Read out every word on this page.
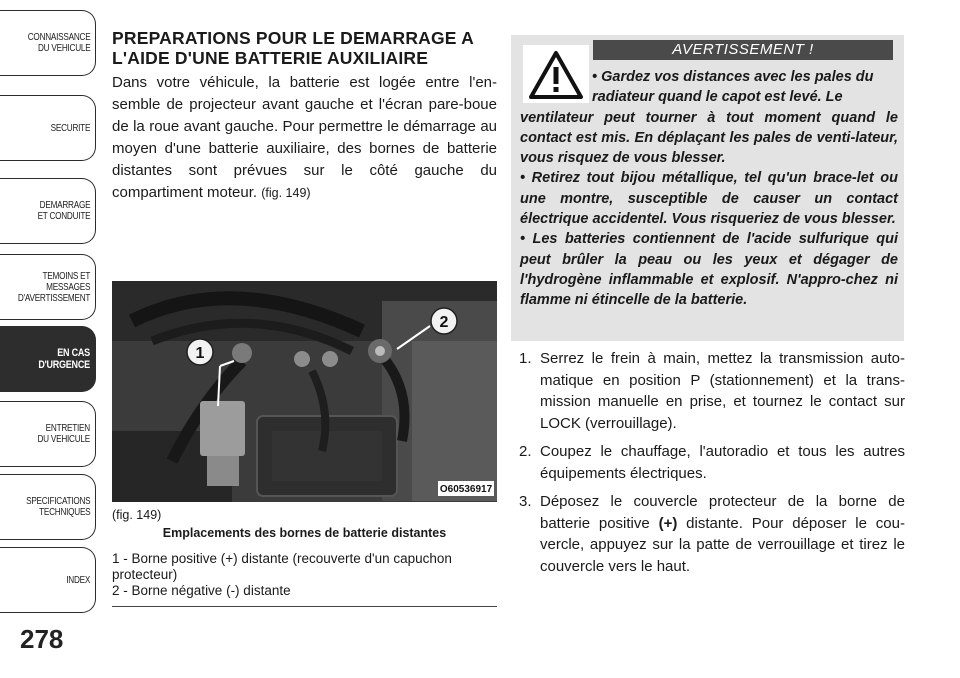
CONNAISSANCE
DU VEHICULE
SECURITE
DEMARRAGE
ET CONDUITE
TEMOINS ET
MESSAGES
D'AVERTISSEMENT
EN CAS
D'URGENCE
ENTRETIEN
DU VEHICULE
SPECIFICATIONS
TECHNIQUES
INDEX
278
PREPARATIONS POUR LE DEMARRAGE A L'AIDE D'UNE BATTERIE AUXILIAIRE

Dans votre véhicule, la batterie est logée entre l'en-semble de projecteur avant gauche et l'écran pare-boue de la roue avant gauche. Pour permettre le démarrage au moyen d'une batterie auxiliaire, des bornes de batterie distantes sont prévues sur le côté gauche du compartiment moteur. (fig. 149)

1
2
O60536917
(fig. 149)
Emplacements des bornes de batterie distantes
1 - Borne positive (+) distante (recouverte d'un capuchon protecteur)
2 - Borne négative (-) distante
AVERTISSEMENT !

• Gardez vos distances avec les pales du

radiateur quand le capot est levé. Le

ventilateur peut tourner à tout moment quand le contact est mis. En déplaçant les pales de venti-lateur, vous risquez de vous blesser.

• Retirez tout bijou métallique, tel qu'un brace-let ou une montre, susceptible de causer un contact électrique accidentel. Vous risqueriez de vous blesser.

• Les batteries contiennent de l'acide sulfurique qui peut brûler la peau ou les yeux et dégager de l'hydrogène inflammable et explosif. N'appro-chez ni flamme ni étincelle de la batterie.

1. Serrez le frein à main, mettez la transmission auto-matique en position P (stationnement) et la trans-mission manuelle en prise, et tournez le contact sur LOCK (verrouillage).
2. Coupez le chauffage, l'autoradio et tous les autres équipements électriques.
3. Déposez le couvercle protecteur de la borne de batterie positive (+) distante. Pour déposer le cou-vercle, appuyez sur la patte de verrouillage et tirez le couvercle vers le haut.
